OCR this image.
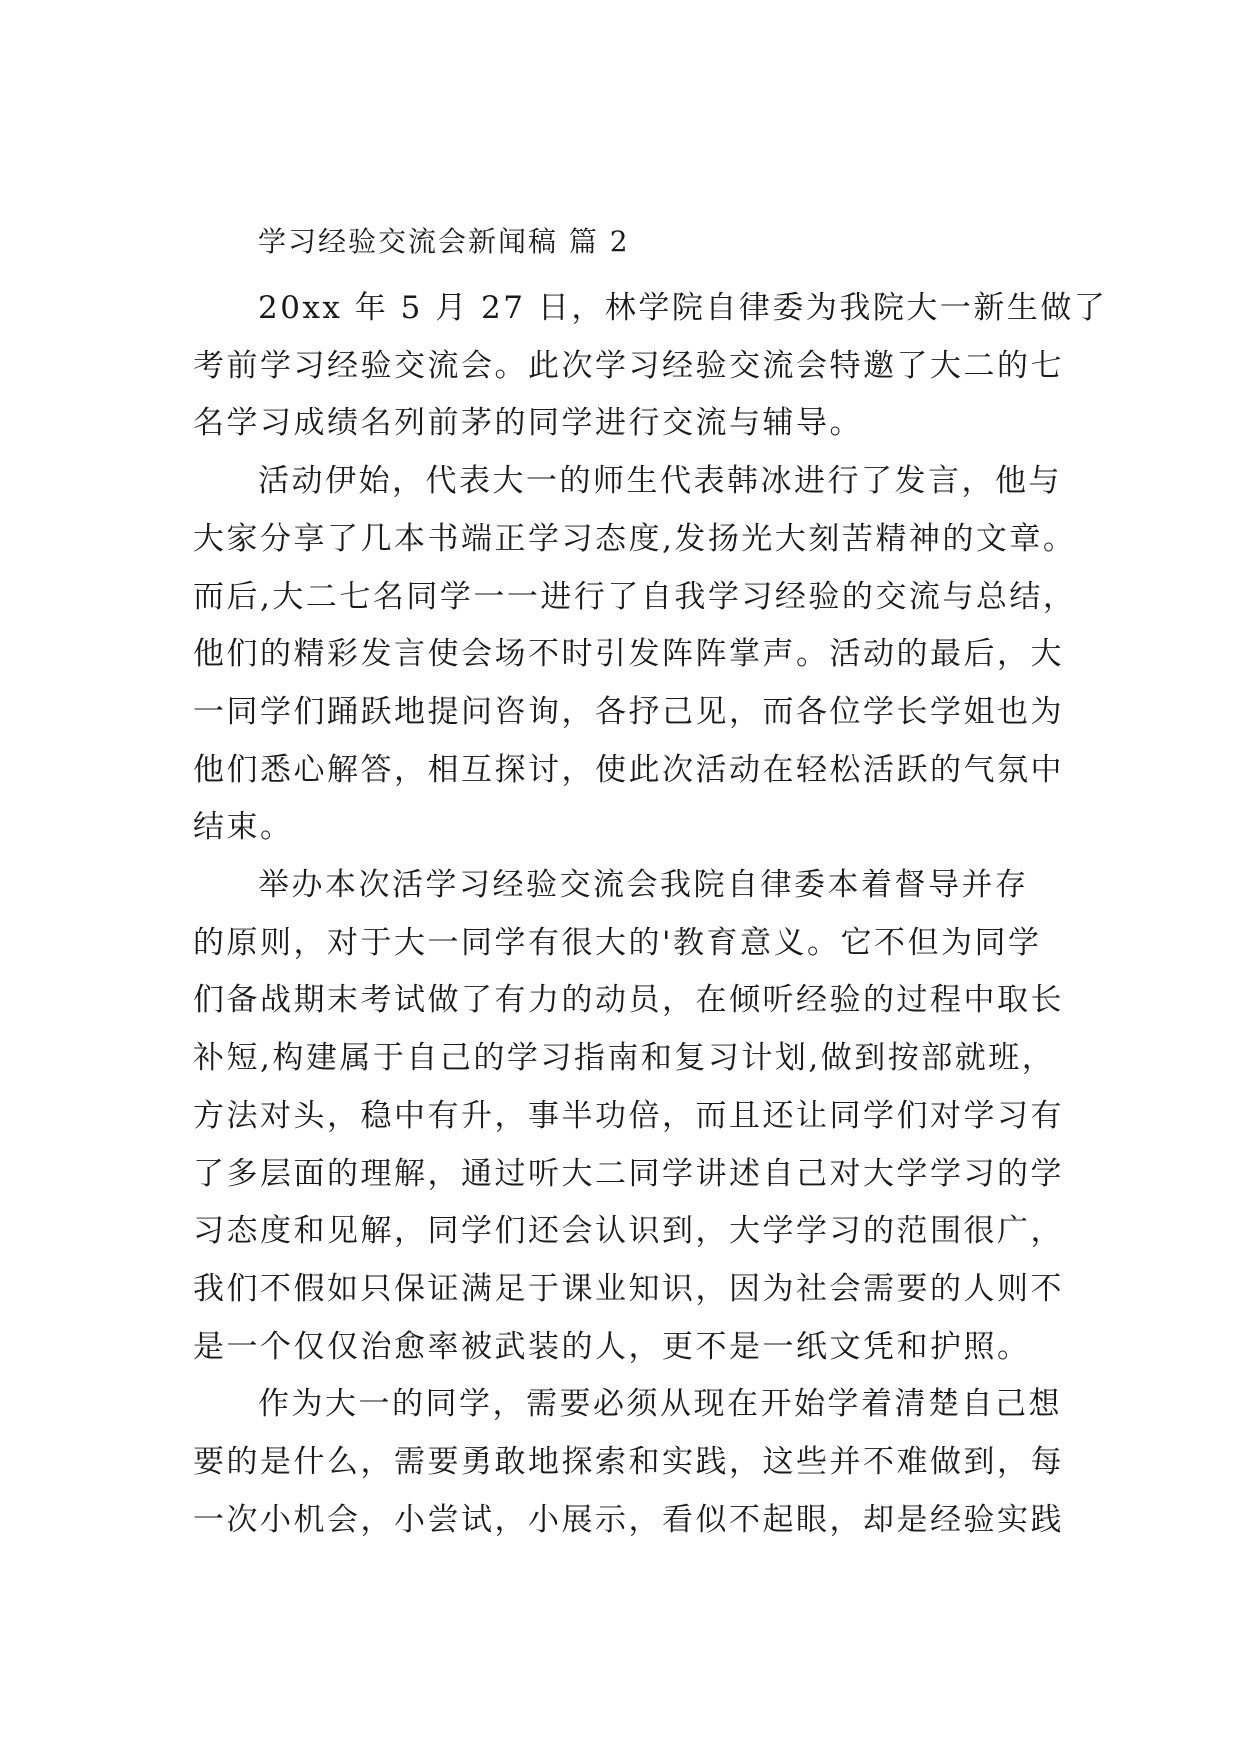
学习经验交流会新闻稿 篇 2

20xx 年 5 月 27 日，林学院自律委为我院大一新生做了
考前学习经验交流会。此次学习经验交流会特邀了大二的七
名学习成绩名列前茅的同学进行交流与辅导。

活动伊始，代表大一的师生代表韩冰进行了发言，他与
大家分享了几本书端正学习态度,发扬光大刻苦精神的文章。
而后,大二七名同学一一进行了自我学习经验的交流与总结，
他们的精彩发言使会场不时引发阵阵掌声。活动的最后，大
一同学们踊跃地提问咨询，各抒己见，而各位学长学姐也为
他们悉心解答，相互探讨，使此次活动在轻松活跃的气氛中
结束。

举办本次活学习经验交流会我院自律委本着督导并存
的原则，对于大一同学有很大的'教育意义。它不但为同学
们备战期末考试做了有力的动员，在倾听经验的过程中取长
补短,构建属于自己的学习指南和复习计划,做到按部就班，
方法对头，稳中有升，事半功倍，而且还让同学们对学习有
了多层面的理解，通过听大二同学讲述自己对大学学习的学
习态度和见解，同学们还会认识到，大学学习的范围很广，
我们不假如只保证满足于课业知识，因为社会需要的人则不
是一个仅仅治愈率被武装的人，更不是一纸文凭和护照。

作为大一的同学，需要必须从现在开始学着清楚自己想
要的是什么，需要勇敢地探索和实践，这些并不难做到，每
一次小机会，小尝试，小展示，看似不起眼，却是经验实践
